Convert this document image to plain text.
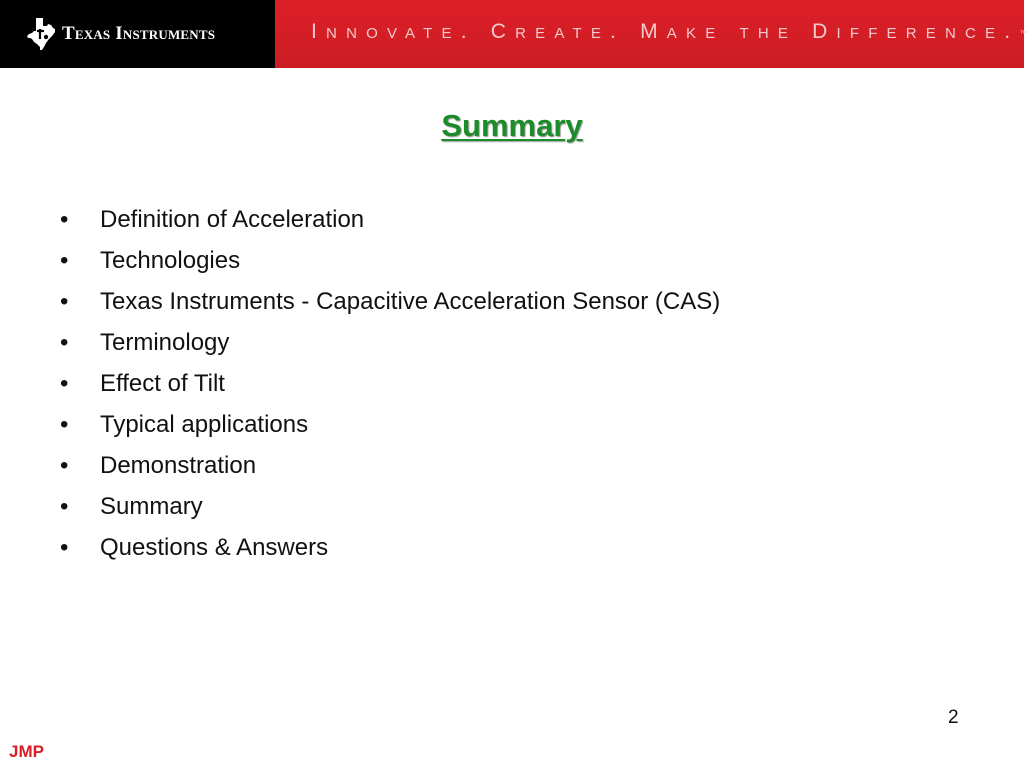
Texas Instruments	Innovate. Create. Make the Difference.™
Summary
• Definition of Acceleration
• Technologies
• Texas Instruments - Capacitive Acceleration Sensor (CAS)
• Terminology
• Effect of Tilt
• Typical applications
• Demonstration
• Summary
• Questions & Answers
2
JMP
